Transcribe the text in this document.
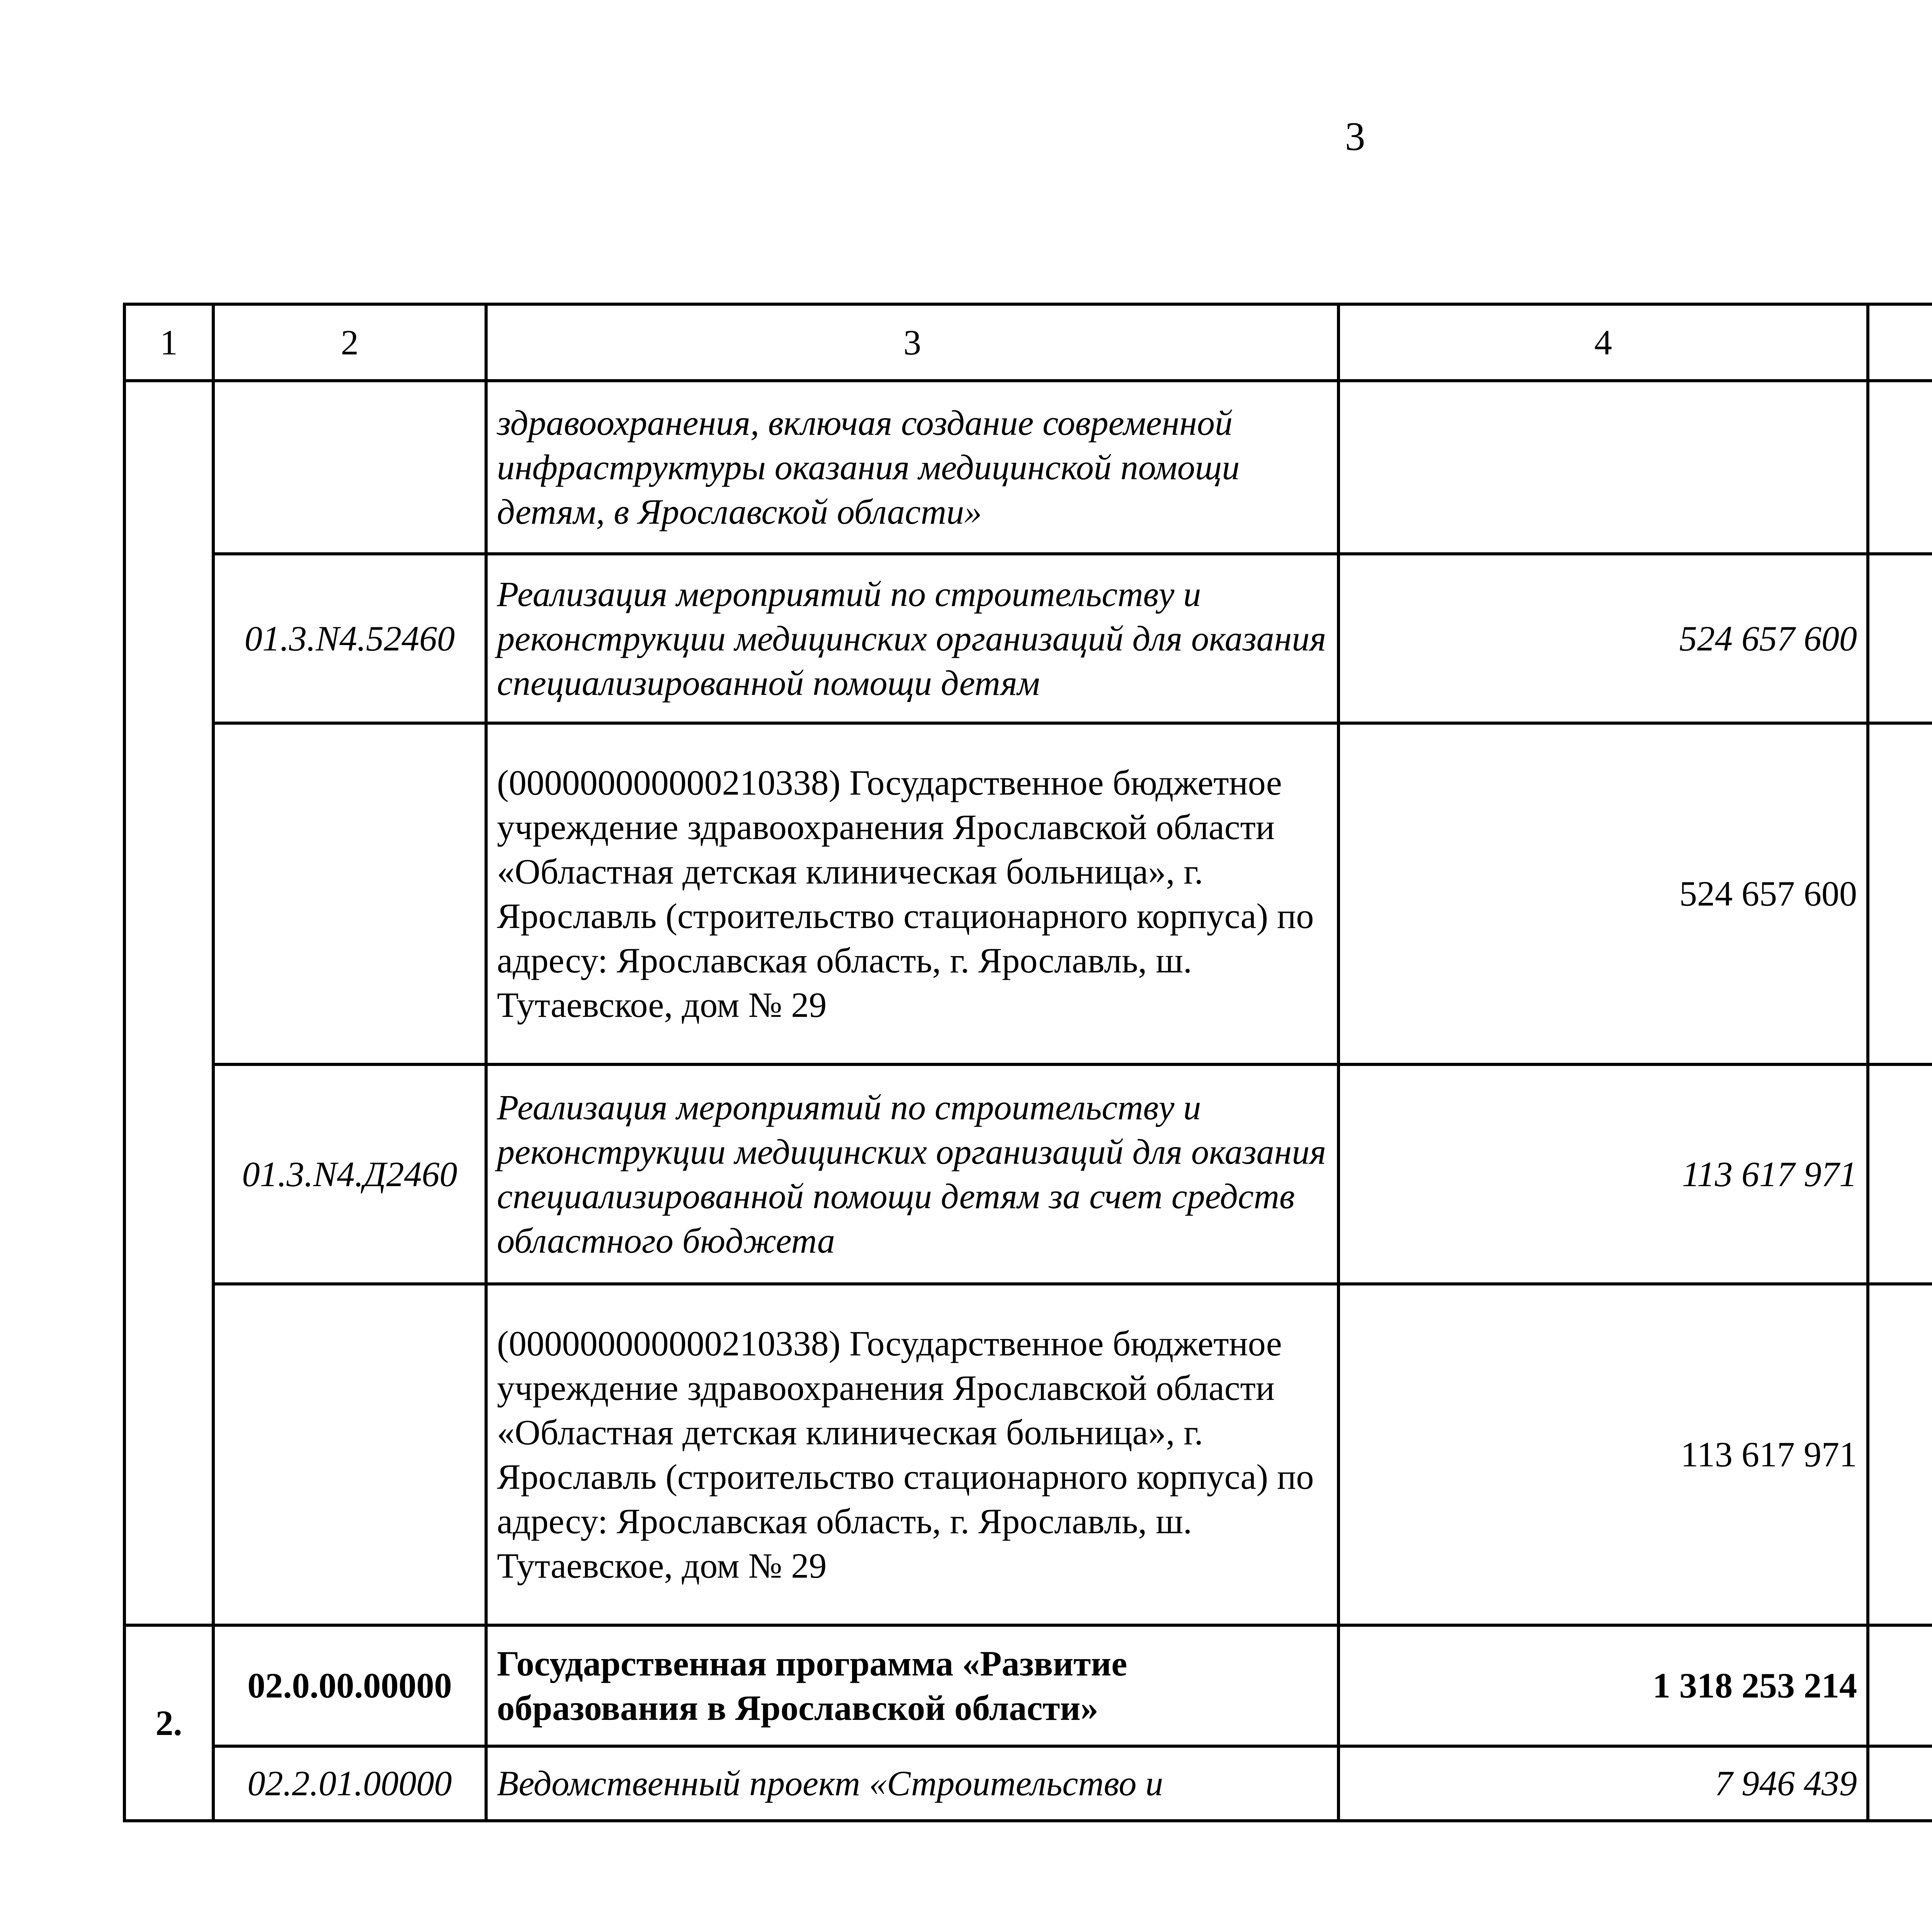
3
1	2	3	4			
		здравоохранения, включая создание современной инфраструктуры оказания медицинской помощи детям, в Ярославской области»				
	01.3.N4.52460	Реализация мероприятий по строительству и реконструкции медицинских организаций для оказания специализированной помощи детям	524 657 600			
		(000000000000210338) Государственное бюджетное учреждение здравоохранения Ярославской области «Областная детская клиническая больница», г. Ярославль (строительство стационарного корпуса) по адресу: Ярославская область, г. Ярославль, ш. Тутаевское, дом № 29	524 657 600			
	01.3.N4.Д2460	Реализация мероприятий по строительству и реконструкции медицинских организаций для оказания специализированной помощи детям за счет средств областного бюджета	113 617 971			
		(000000000000210338) Государственное бюджетное учреждение здравоохранения Ярославской области «Областная детская клиническая больница», г. Ярославль (строительство стационарного корпуса) по адресу: Ярославская область, г. Ярославль, ш. Тутаевское, дом № 29	113 617 971			
2.	02.0.00.00000	Государственная программа «Развитие образования в Ярославской области»	1 318 253 214			
	02.2.01.00000	Ведомственный проект «Строительство и	7 946 439			
